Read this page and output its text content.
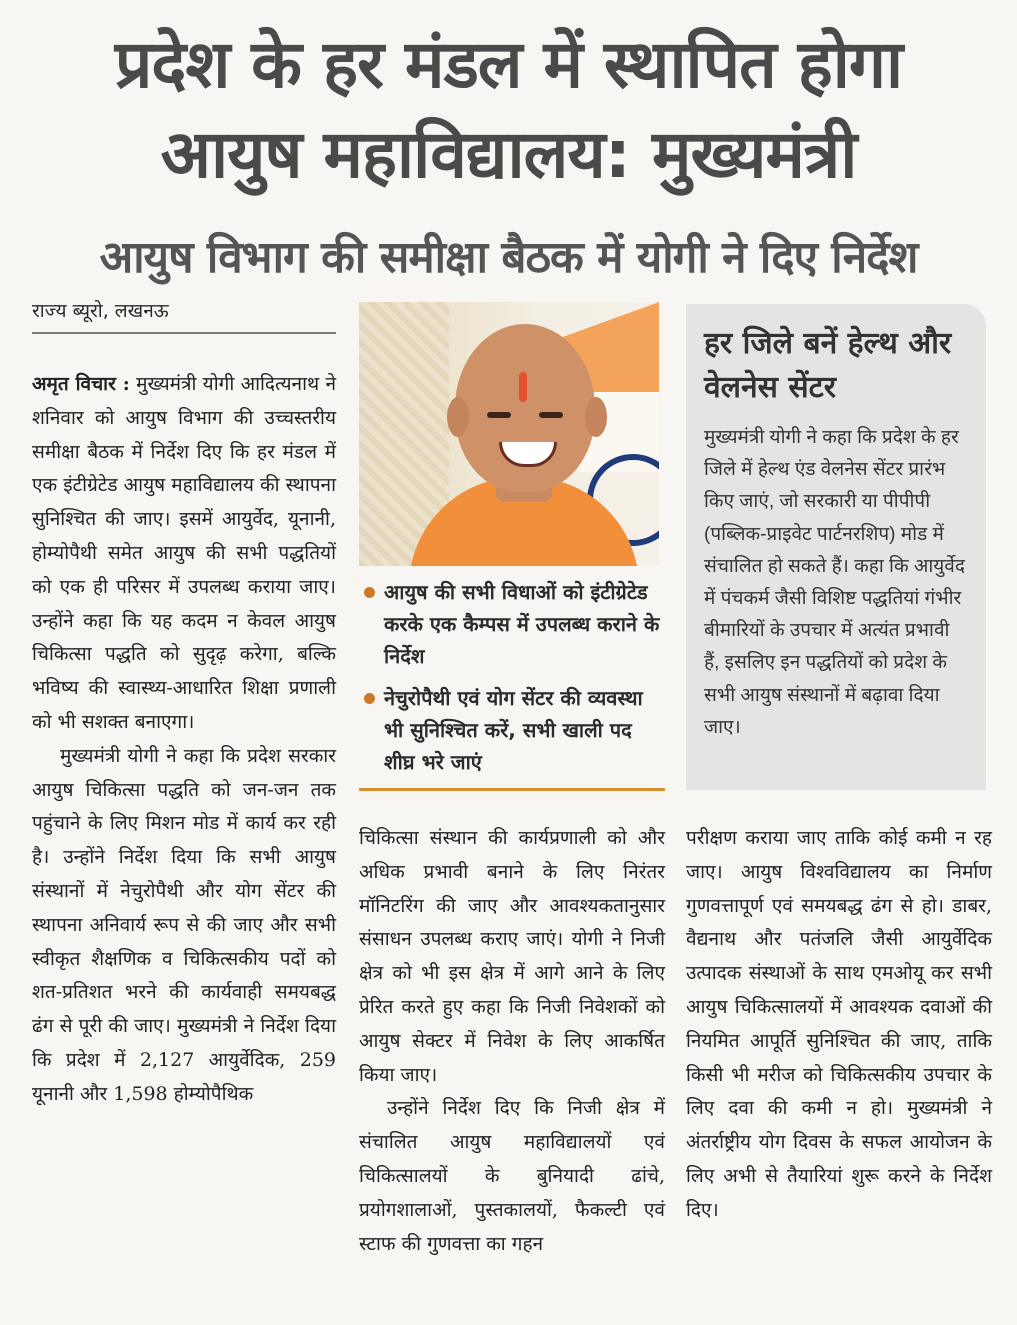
प्रदेश के हर मंडल में स्थापित होगा
आयुष महाविद्यालय: मुख्यमंत्री
आयुष विभाग की समीक्षा बैठक में योगी ने दिए निर्देश
राज्य ब्यूरो, लखनऊ

अमृत विचार : मुख्यमंत्री योगी आदित्यनाथ ने शनिवार को आयुष विभाग की उच्चस्तरीय समीक्षा बैठक में निर्देश दिए कि हर मंडल में एक इंटीग्रेटेड आयुष महाविद्यालय की स्थापना सुनिश्चित की जाए। इसमें आयुर्वेद, यूनानी, होम्योपैथी समेत आयुष की सभी पद्धतियों को एक ही परिसर में उपलब्ध कराया जाए। उन्होंने कहा कि यह कदम न केवल आयुष चिकित्सा पद्धति को सुदृढ़ करेगा, बल्कि भविष्य की स्वास्थ्य-आधारित शिक्षा प्रणाली को भी सशक्त बनाएगा।

मुख्यमंत्री योगी ने कहा कि प्रदेश सरकार आयुष चिकित्सा पद्धति को जन-जन तक पहुंचाने के लिए मिशन मोड में कार्य कर रही है। उन्होंने निर्देश दिया कि सभी आयुष संस्थानों में नेचुरोपैथी और योग सेंटर की स्थापना अनिवार्य रूप से की जाए और सभी स्वीकृत शैक्षणिक व चिकित्सकीय पदों को शत-प्रतिशत भरने की कार्यवाही समयबद्ध ढंग से पूरी की जाए। मुख्यमंत्री ने निर्देश दिया कि प्रदेश में 2,127 आयुर्वेदिक, 259 यूनानी और 1,598 होम्योपैथिक

आयुष की सभी विधाओं को इंटीग्रेटेड करके एक कैम्पस में उपलब्ध कराने के निर्देश
नेचुरोपैथी एवं योग सेंटर की व्यवस्था भी सुनिश्चित करें, सभी खाली पद शीघ्र भरे जाएं
हर जिले बनें हेल्थ और वेलनेस सेंटर

मुख्यमंत्री योगी ने कहा कि प्रदेश के हर जिले में हेल्थ एंड वेलनेस सेंटर प्रारंभ किए जाएं, जो सरकारी या पीपीपी (पब्लिक-प्राइवेट पार्टनरशिप) मोड में संचालित हो सकते हैं। कहा कि आयुर्वेद में पंचकर्म जैसी विशिष्ट पद्धतियां गंभीर बीमारियों के उपचार में अत्यंत प्रभावी हैं, इसलिए इन पद्धतियों को प्रदेश के सभी आयुष संस्थानों में बढ़ावा दिया जाए।

चिकित्सा संस्थान की कार्यप्रणाली को और अधिक प्रभावी बनाने के लिए निरंतर मॉनिटरिंग की जाए और आवश्यकतानुसार संसाधन उपलब्ध कराए जाएं। योगी ने निजी क्षेत्र को भी इस क्षेत्र में आगे आने के लिए प्रेरित करते हुए कहा कि निजी निवेशकों को आयुष सेक्टर में निवेश के लिए आकर्षित किया जाए।

उन्होंने निर्देश दिए कि निजी क्षेत्र में संचालित आयुष महाविद्यालयों एवं चिकित्सालयों के बुनियादी ढांचे, प्रयोगशालाओं, पुस्तकालयों, फैकल्टी एवं स्टाफ की गुणवत्ता का गहन

परीक्षण कराया जाए ताकि कोई कमी न रह जाए। आयुष विश्वविद्यालय का निर्माण गुणवत्तापूर्ण एवं समयबद्ध ढंग से हो। डाबर, वैद्यनाथ और पतंजलि जैसी आयुर्वेदिक उत्पादक संस्थाओं के साथ एमओयू कर सभी आयुष चिकित्सालयों में आवश्यक दवाओं की नियमित आपूर्ति सुनिश्चित की जाए, ताकि किसी भी मरीज को चिकित्सकीय उपचार के लिए दवा की कमी न हो। मुख्यमंत्री ने अंतर्राष्ट्रीय योग दिवस के सफल आयोजन के लिए अभी से तैयारियां शुरू करने के निर्देश दिए।
